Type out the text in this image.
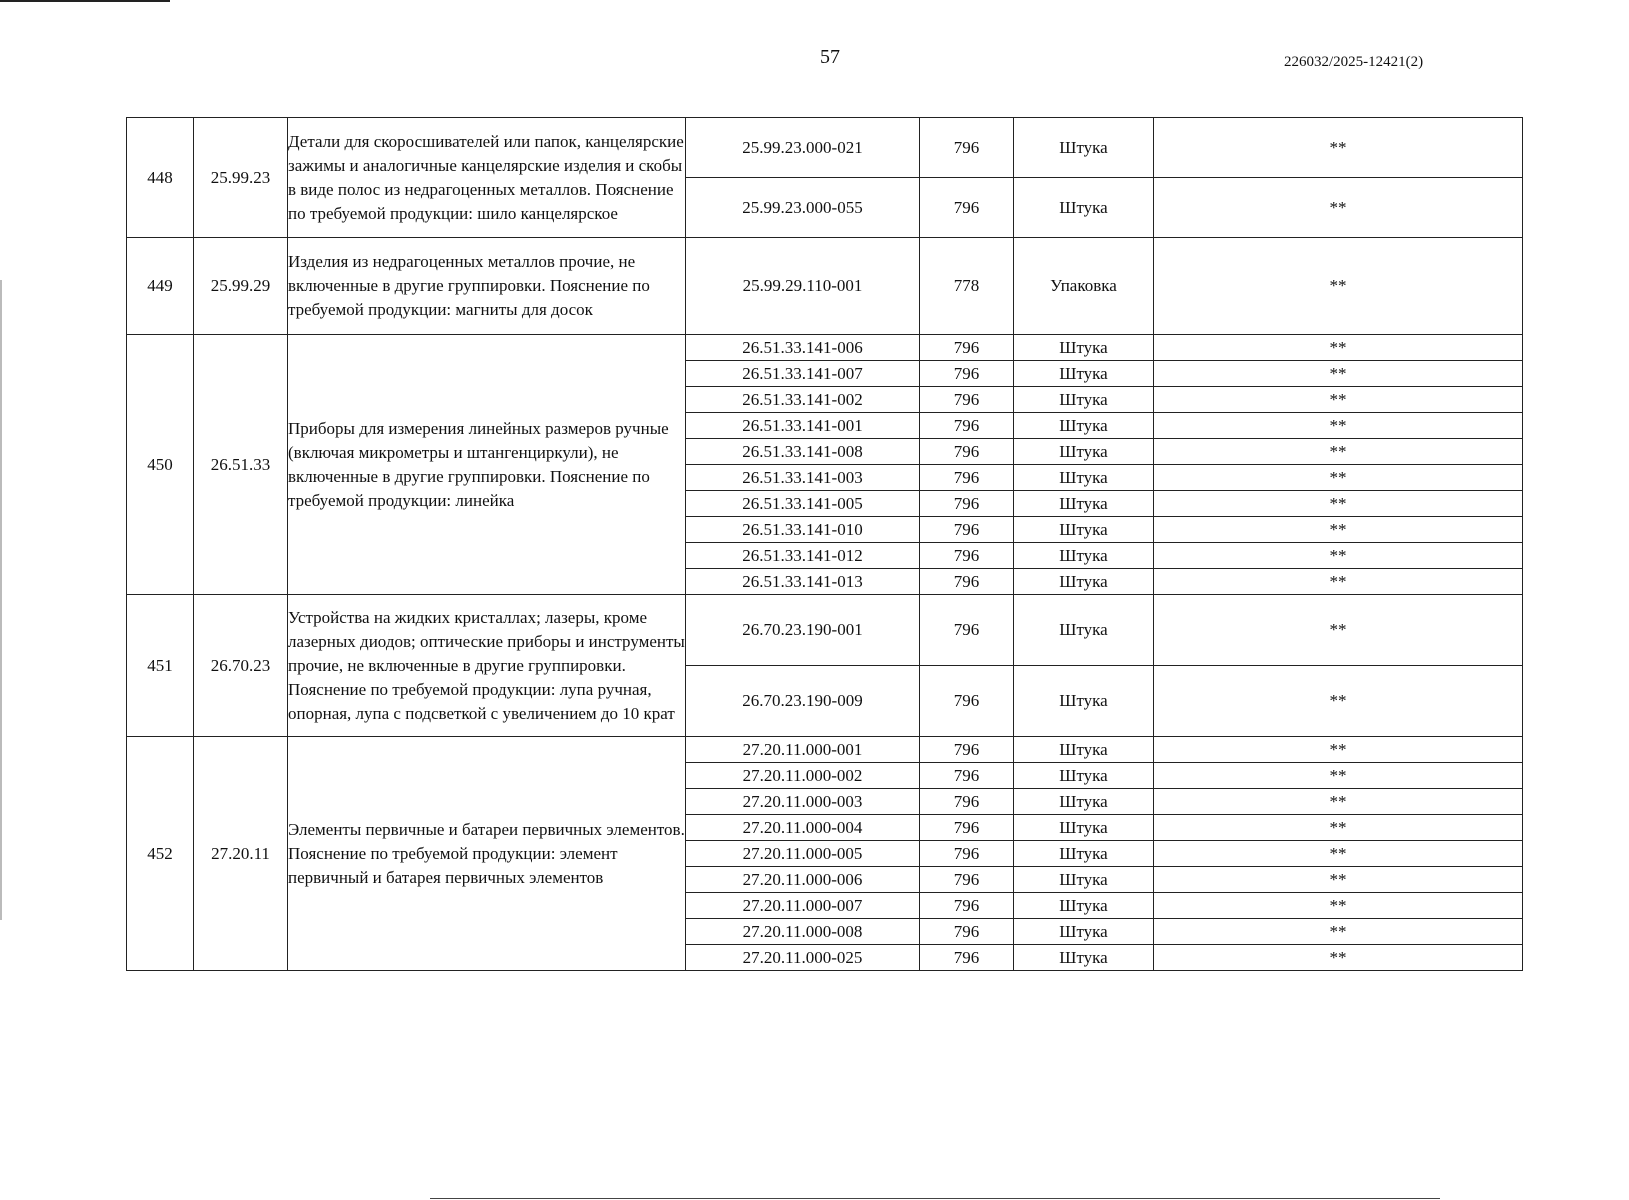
57	226032/2025-12421(2)
448	25.99.23	Детали для скоросшивателей или папок, канцелярские зажимы и аналогичные канцелярские изделия и скобы в виде полос из недрагоценных металлов. Пояснение по требуемой продукции: шило канцелярское	25.99.23.000-021	796	Штука	**
			25.99.23.000-055	796	Штука	**
449	25.99.29	Изделия из недрагоценных металлов прочие, не включенные в другие группировки. Пояснение по требуемой продукции: магниты для досок	25.99.29.110-001	778	Упаковка	**
450	26.51.33	Приборы для измерения линейных размеров ручные (включая микрометры и штангенциркули), не включенные в другие группировки. Пояснение по требуемой продукции: линейка	26.51.33.141-006	796	Штука	**
			26.51.33.141-007	796	Штука	**
			26.51.33.141-002	796	Штука	**
			26.51.33.141-001	796	Штука	**
			26.51.33.141-008	796	Штука	**
			26.51.33.141-003	796	Штука	**
			26.51.33.141-005	796	Штука	**
			26.51.33.141-010	796	Штука	**
			26.51.33.141-012	796	Штука	**
			26.51.33.141-013	796	Штука	**
451	26.70.23	Устройства на жидких кристаллах; лазеры, кроме лазерных диодов; оптические приборы и инструменты прочие, не включенные в другие группировки. Пояснение по требуемой продукции: лупа ручная, опорная, лупа с подсветкой с увеличением до 10 крат	26.70.23.190-001	796	Штука	**
			26.70.23.190-009	796	Штука	**
452	27.20.11	Элементы первичные и батареи первичных элементов. Пояснение по требуемой продукции: элемент первичный и батарея первичных элементов	27.20.11.000-001	796	Штука	**
			27.20.11.000-002	796	Штука	**
			27.20.11.000-003	796	Штука	**
			27.20.11.000-004	796	Штука	**
			27.20.11.000-005	796	Штука	**
			27.20.11.000-006	796	Штука	**
			27.20.11.000-007	796	Штука	**
			27.20.11.000-008	796	Штука	**
			27.20.11.000-025	796	Штука	**
